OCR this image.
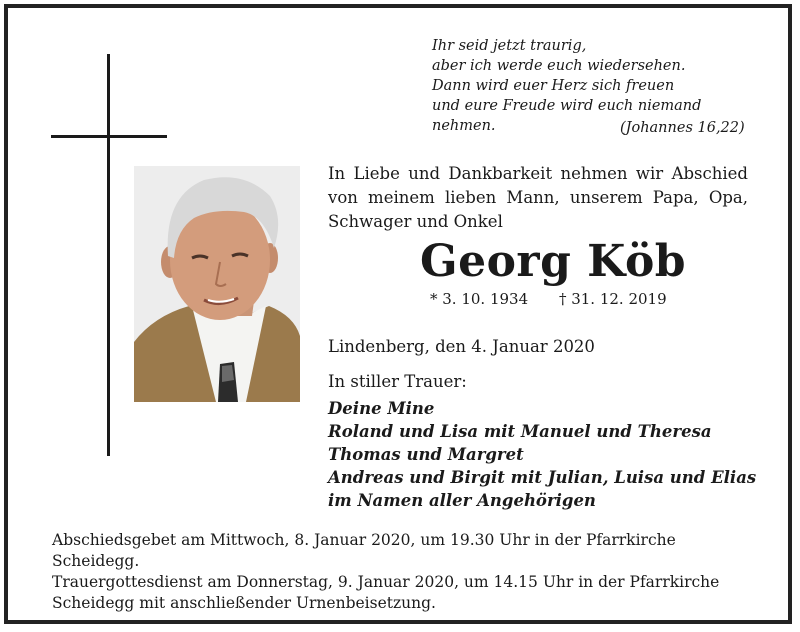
Ihr seid jetzt traurig,
aber ich werde euch wiedersehen.
Dann wird euer Herz sich freuen
und eure Freude wird euch niemand nehmen.	(Johannes 16,22)
In Liebe und Dankbarkeit nehmen wir Abschied
von meinem lieben Mann, unserem Papa, Opa,
Schwager und Onkel
Georg Köb
* 3. 10. 1934 † 31. 12. 2019
Lindenberg, den 4. Januar 2020
In stiller Trauer:
Deine Mine
Roland und Lisa mit Manuel und Theresa
Thomas und Margret
Andreas und Birgit mit Julian, Luisa und Elias
im Namen aller Angehörigen
Abschiedsgebet am Mittwoch, 8. Januar 2020, um 19.30 Uhr in der Pfarrkirche Scheidegg.
Trauergottesdienst am Donnerstag, 9. Januar 2020, um 14.15 Uhr in der Pfarrkirche
Scheidegg mit anschließender Urnenbeisetzung.
